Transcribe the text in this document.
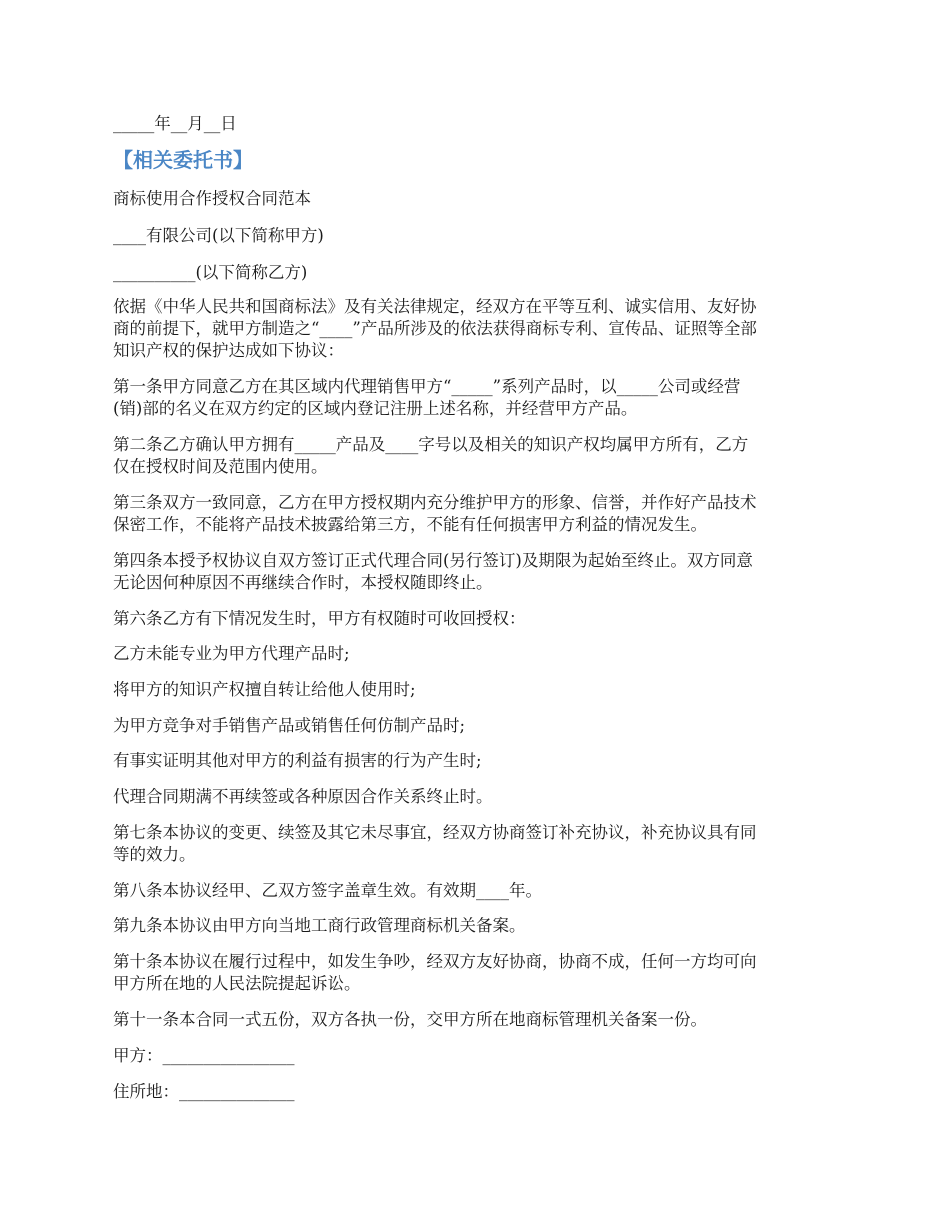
_____年__月__日
【相关委托书】
商标使用合作授权合同范本
____有限公司(以下简称甲方)
__________(以下简称乙方)
依据《中华人民共和国商标法》及有关法律规定，经双方在平等互利、诚实信用、友好协
商的前提下，就甲方制造之“____”产品所涉及的依法获得商标专利、宣传品、证照等全部
知识产权的保护达成如下协议：
第一条甲方同意乙方在其区域内代理销售甲方“_____”系列产品时，以_____公司或经营
(销)部的名义在双方约定的区域内登记注册上述名称，并经营甲方产品。
第二条乙方确认甲方拥有_____产品及____字号以及相关的知识产权均属甲方所有，乙方
仅在授权时间及范围内使用。
第三条双方一致同意，乙方在甲方授权期内充分维护甲方的形象、信誉，并作好产品技术
保密工作，不能将产品技术披露给第三方，不能有任何损害甲方利益的情况发生。
第四条本授予权协议自双方签订正式代理合同(另行签订)及期限为起始至终止。双方同意
无论因何种原因不再继续合作时，本授权随即终止。
第六条乙方有下情况发生时，甲方有权随时可收回授权：
乙方未能专业为甲方代理产品时;
将甲方的知识产权擅自转让给他人使用时;
为甲方竞争对手销售产品或销售任何仿制产品时;
有事实证明其他对甲方的利益有损害的行为产生时;
代理合同期满不再续签或各种原因合作关系终止时。
第七条本协议的变更、续签及其它未尽事宜，经双方协商签订补充协议，补充协议具有同
等的效力。
第八条本协议经甲、乙双方签字盖章生效。有效期____年。
第九条本协议由甲方向当地工商行政管理商标机关备案。
第十条本协议在履行过程中，如发生争吵，经双方友好协商，协商不成，任何一方均可向
甲方所在地的人民法院提起诉讼。
第十一条本合同一式五份，双方各执一份，交甲方所在地商标管理机关备案一份。
甲方：________________
住所地：______________
